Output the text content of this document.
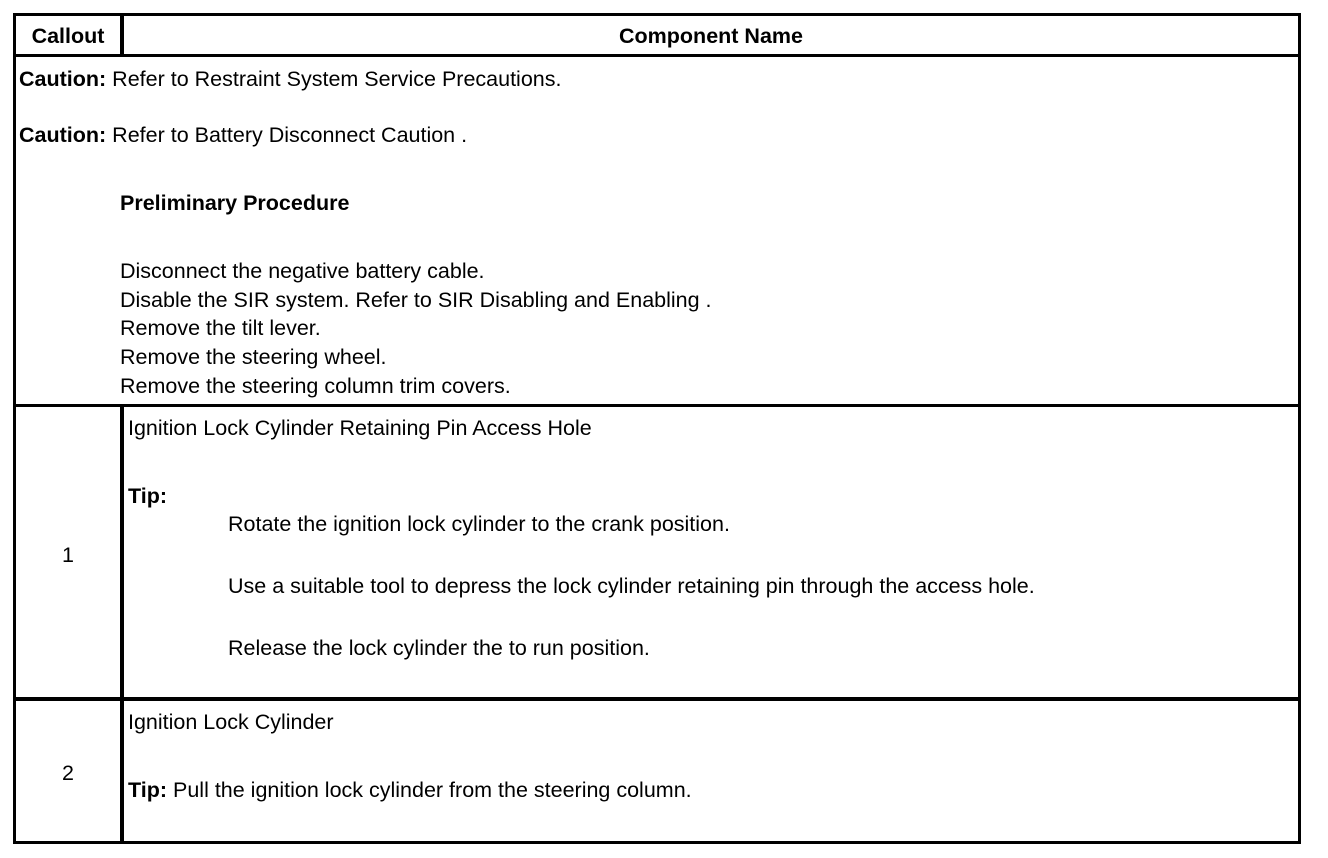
Callout	Component Name
Caution: Refer to Restraint System Service Precautions.
Caution: Refer to Battery Disconnect Caution .
Preliminary Procedure
Disconnect the negative battery cable.
Disable the SIR system. Refer to SIR Disabling and Enabling .
Remove the tilt lever.
Remove the steering wheel.
Remove the steering column trim covers.
1
Ignition Lock Cylinder Retaining Pin Access Hole
Tip:
Rotate the ignition lock cylinder to the crank position.
Use a suitable tool to depress the lock cylinder retaining pin through the access hole.
Release the lock cylinder the to run position.
2
Ignition Lock Cylinder
Tip: Pull the ignition lock cylinder from the steering column.
